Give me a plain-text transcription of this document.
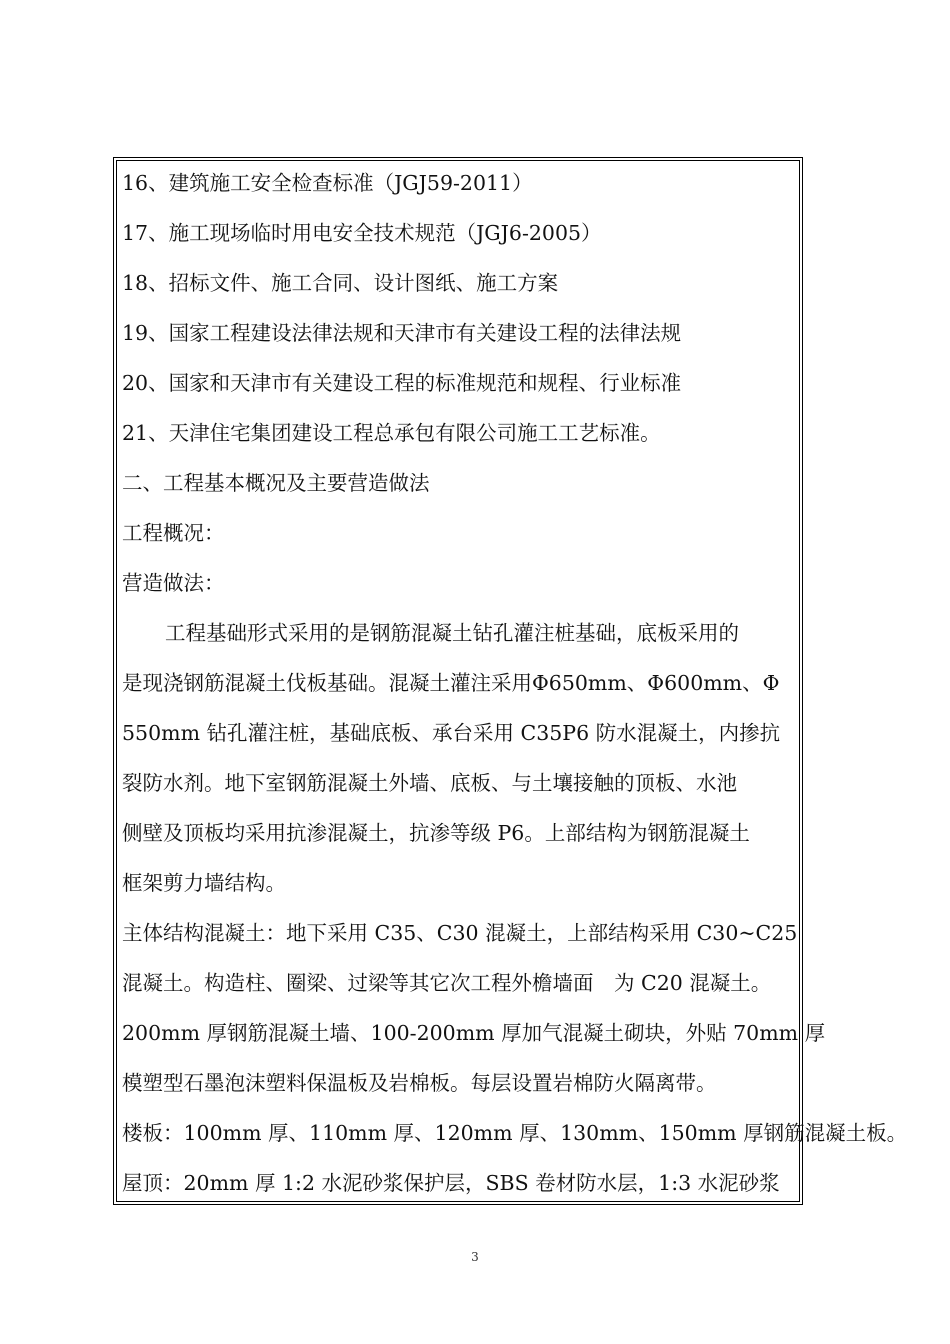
16、建筑施工安全检查标准（JGJ59-2011）
17、施工现场临时用电安全技术规范（JGJ6-2005）
18、招标文件、施工合同、设计图纸、施工方案
19、国家工程建设法律法规和天津市有关建设工程的法律法规
20、国家和天津市有关建设工程的标准规范和规程、行业标准
21、天津住宅集团建设工程总承包有限公司施工工艺标准。
二、工程基本概况及主要营造做法
工程概况：
营造做法：
工程基础形式采用的是钢筋混凝土钻孔灌注桩基础，底板采用的
是现浇钢筋混凝土伐板基础。混凝土灌注采用Φ650mm、Φ600mm、Φ
550mm 钻孔灌注桩，基础底板、承台采用 C35P6 防水混凝土，内掺抗
裂防水剂。地下室钢筋混凝土外墙、底板、与土壤接触的顶板、水池
侧壁及顶板均采用抗渗混凝土，抗渗等级 P6。上部结构为钢筋混凝土
框架剪力墙结构。
主体结构混凝土：地下采用 C35、C30 混凝土，上部结构采用 C30~C25
混凝土。构造柱、圈梁、过梁等其它次工程外檐墙面　为 C20 混凝土。
200mm 厚钢筋混凝土墙、100-200mm 厚加气混凝土砌块，外贴 70mm 厚
模塑型石墨泡沫塑料保温板及岩棉板。每层设置岩棉防火隔离带。
楼板：100mm 厚、110mm 厚、120mm 厚、130mm、150mm 厚钢筋混凝土板。
屋顶：20mm 厚 1:2 水泥砂浆保护层，SBS 卷材防水层，1:3 水泥砂浆
3
